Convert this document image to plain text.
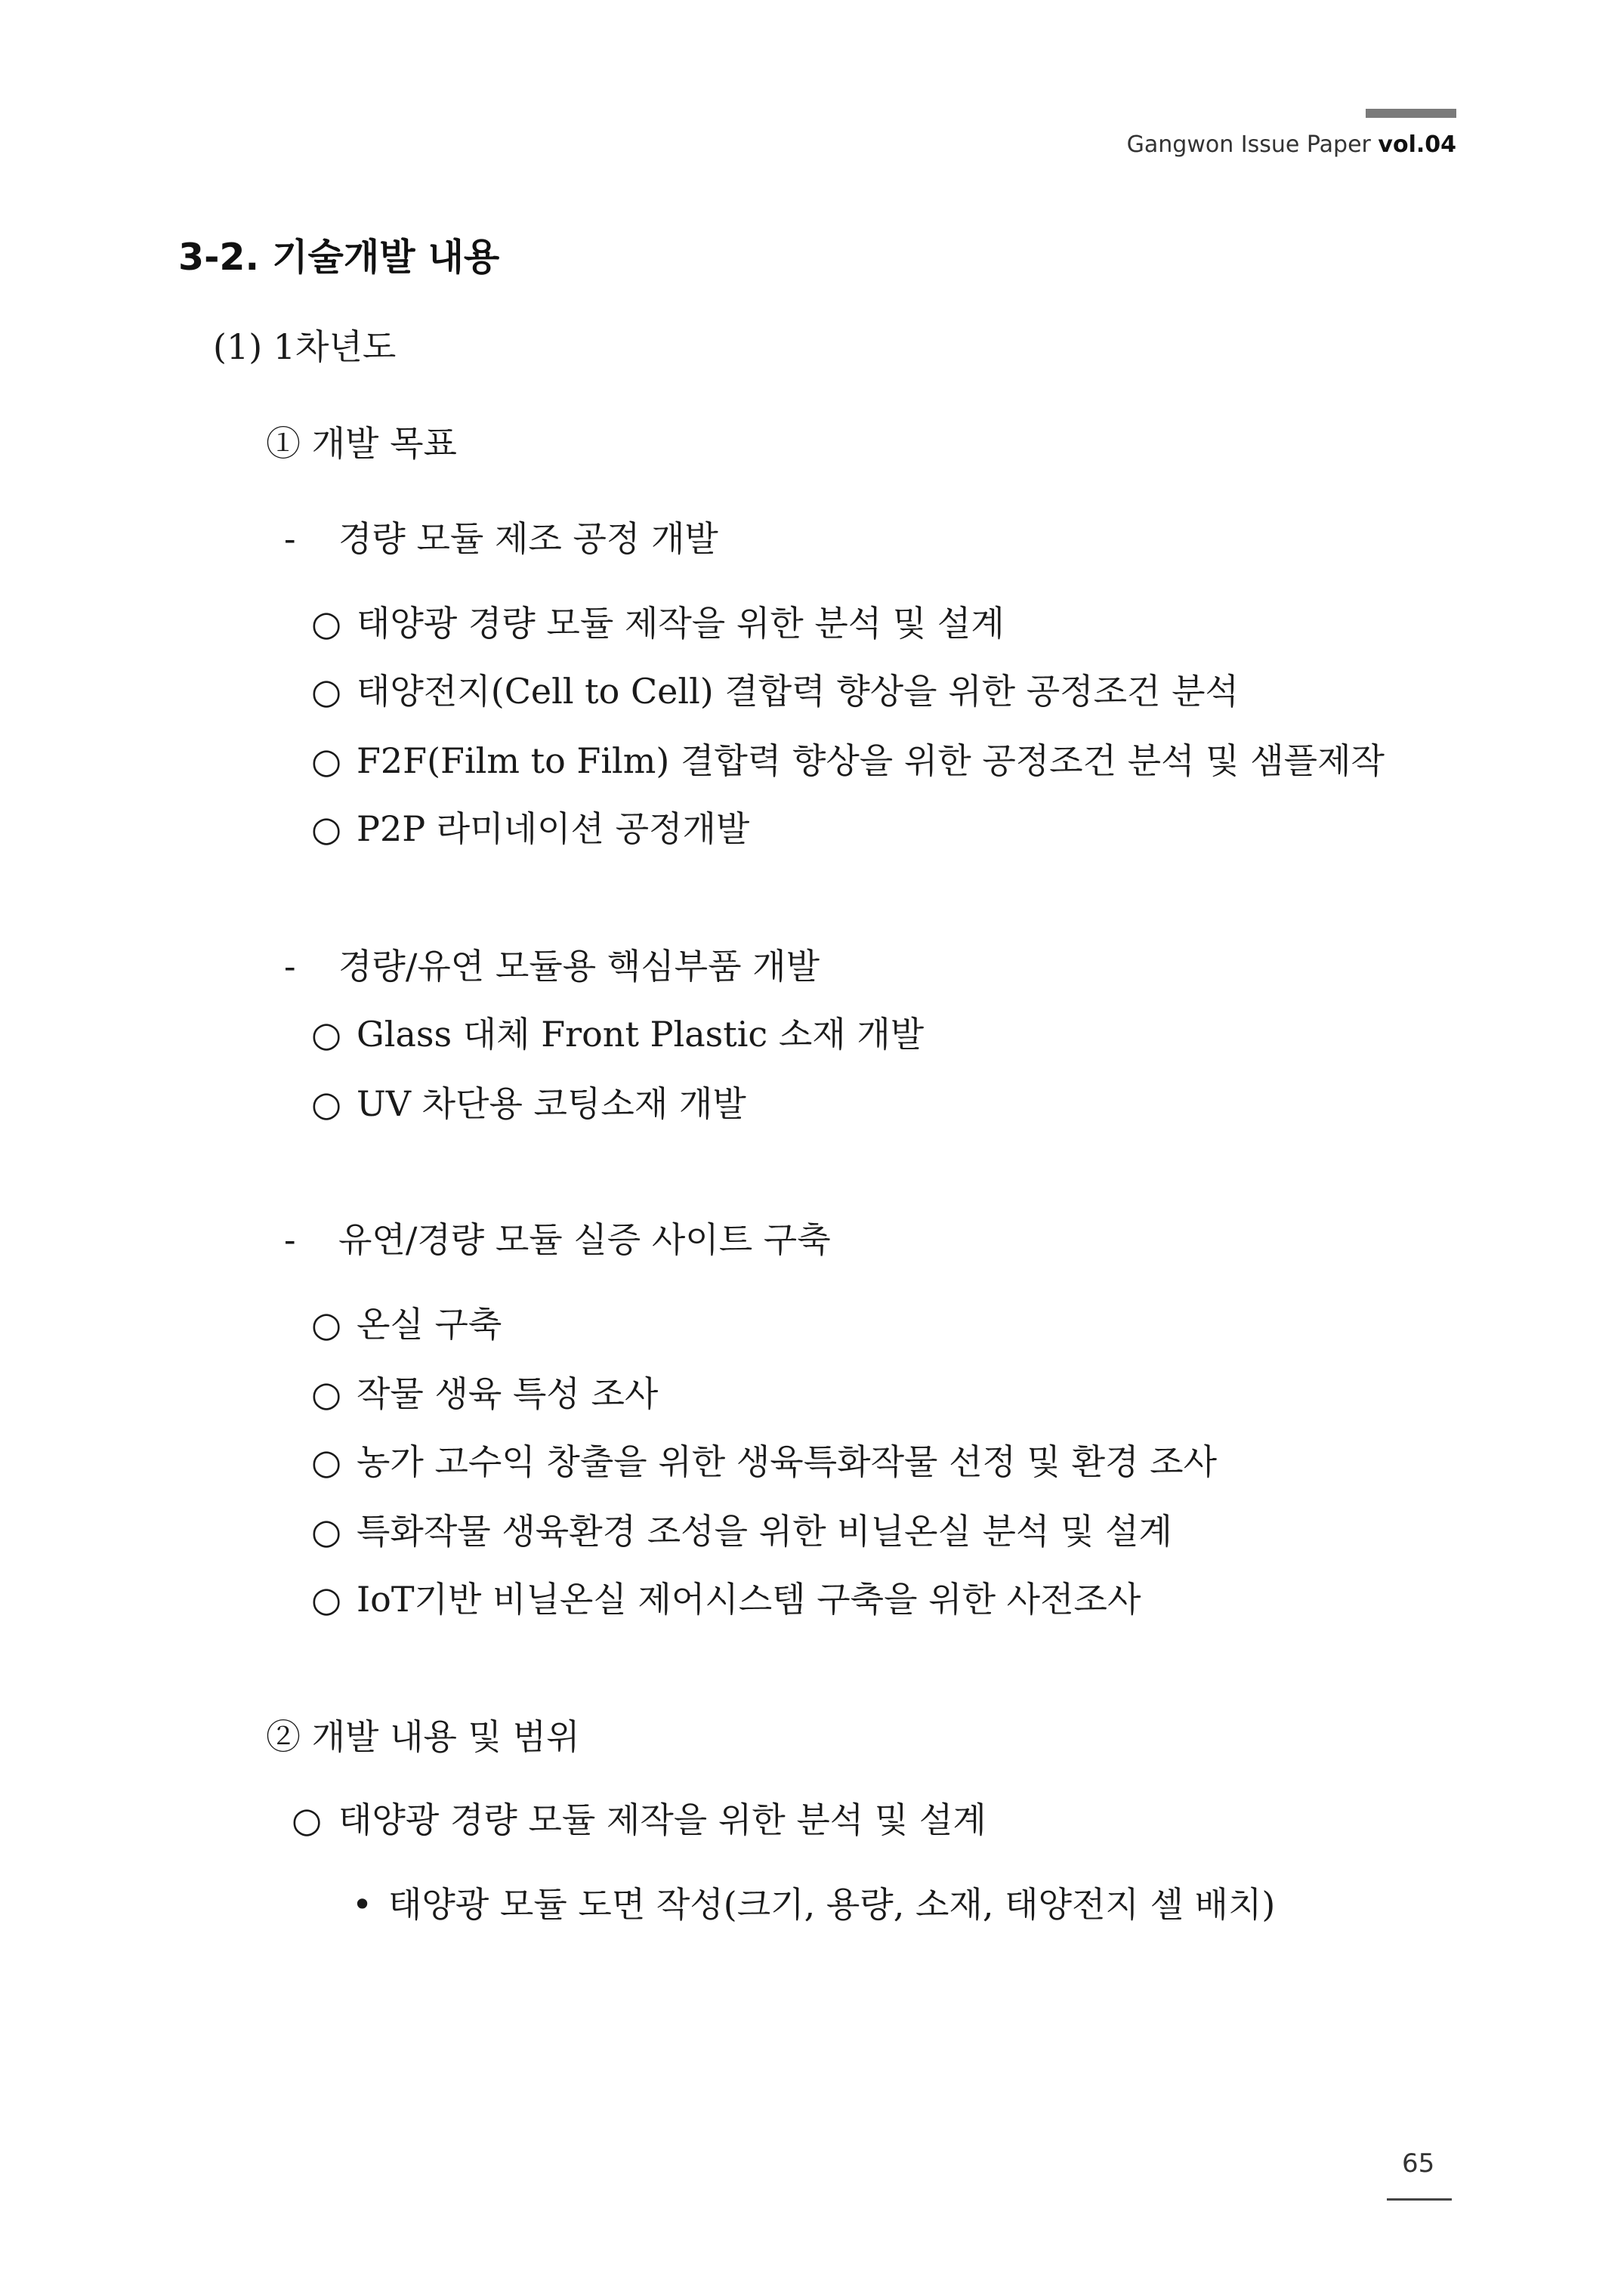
Gangwon Issue Paper vol.04
3-2. 기술개발 내용
(1) 1차년도
① 개발 목표
- 경량 모듈 제조 공정 개발
○ 태양광 경량 모듈 제작을 위한 분석 및 설계
○ 태양전지(Cell to Cell) 결합력 향상을 위한 공정조건 분석
○ F2F(Film to Film) 결합력 향상을 위한 공정조건 분석 및 샘플제작
○ P2P 라미네이션 공정개발
- 경량/유연 모듈용 핵심부품 개발
○ Glass 대체 Front Plastic 소재 개발
○ UV 차단용 코팅소재 개발
- 유연/경량 모듈 실증 사이트 구축
○ 온실 구축
○ 작물 생육 특성 조사
○ 농가 고수익 창출을 위한 생육특화작물 선정 및 환경 조사
○ 특화작물 생육환경 조성을 위한 비닐온실 분석 및 설계
○ IoT기반 비닐온실 제어시스템 구축을 위한 사전조사
② 개발 내용 및 범위
○ 태양광 경량 모듈 제작을 위한 분석 및 설계
• 태양광 모듈 도면 작성(크기, 용량, 소재, 태양전지 셀 배치)
65
